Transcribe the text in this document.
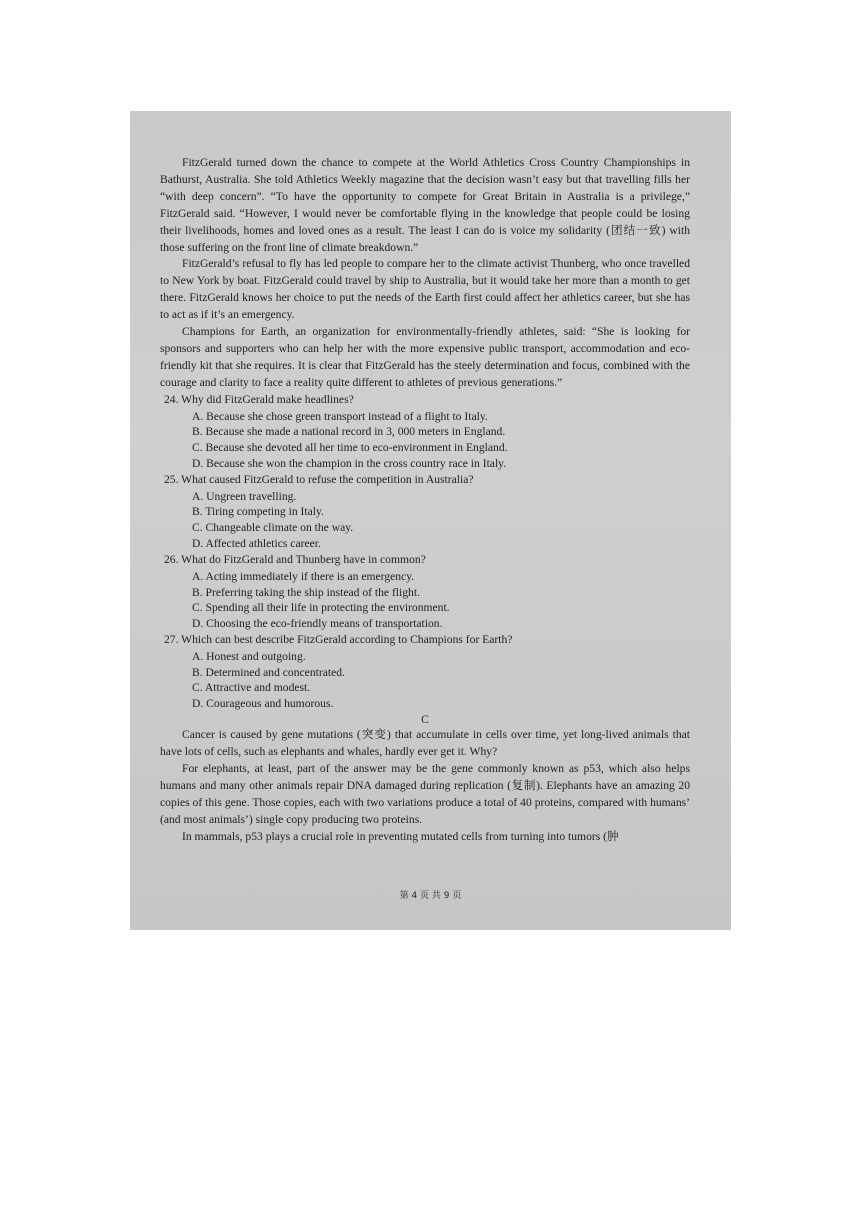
FitzGerald turned down the chance to compete at the World Athletics Cross Country Championships in Bathurst, Australia. She told Athletics Weekly magazine that the decision wasn’t easy but that travelling fills her “with deep concern”. “To have the opportunity to compete for Great Britain in Australia is a privilege,” FitzGerald said. “However, I would never be comfortable flying in the knowledge that people could be losing their livelihoods, homes and loved ones as a result. The least I can do is voice my solidarity (团结一致) with those suffering on the front line of climate breakdown.”

FitzGerald’s refusal to fly has led people to compare her to the climate activist Thunberg, who once travelled to New York by boat. FitzGerald could travel by ship to Australia, but it would take her more than a month to get there. FitzGerald knows her choice to put the needs of the Earth first could affect her athletics career, but she has to act as if it’s an emergency.

Champions for Earth, an organization for environmentally-friendly athletes, said: “She is looking for sponsors and supporters who can help her with the more expensive public transport, accommodation and eco-friendly kit that she requires. It is clear that FitzGerald has the steely determination and focus, combined with the courage and clarity to face a reality quite different to athletes of previous generations.”

24. Why did FitzGerald make headlines?

A. Because she chose green transport instead of a flight to Italy.

B. Because she made a national record in 3, 000 meters in England.

C. Because she devoted all her time to eco-environment in England.

D. Because she won the champion in the cross country race in Italy.

25. What caused FitzGerald to refuse the competition in Australia?

A. Ungreen travelling.

B. Tiring competing in Italy.

C. Changeable climate on the way.

D. Affected athletics career.

26. What do FitzGerald and Thunberg have in common?

A. Acting immediately if there is an emergency.

B. Preferring taking the ship instead of the flight.

C. Spending all their life in protecting the environment.

D. Choosing the eco-friendly means of transportation.

27. Which can best describe FitzGerald according to Champions for Earth?

A. Honest and outgoing.

B. Determined and concentrated.

C. Attractive and modest.

D. Courageous and humorous.

C

Cancer is caused by gene mutations (突变) that accumulate in cells over time, yet long-lived animals that have lots of cells, such as elephants and whales, hardly ever get it. Why?

For elephants, at least, part of the answer may be the gene commonly known as p53, which also helps humans and many other animals repair DNA damaged during replication (复制). Elephants have an amazing 20 copies of this gene. Those copies, each with two variations produce a total of 40 proteins, compared with humans’ (and most animals’) single copy producing two proteins.

In mammals, p53 plays a crucial role in preventing mutated cells from turning into tumors (肿

第 4 页 共 9 页
